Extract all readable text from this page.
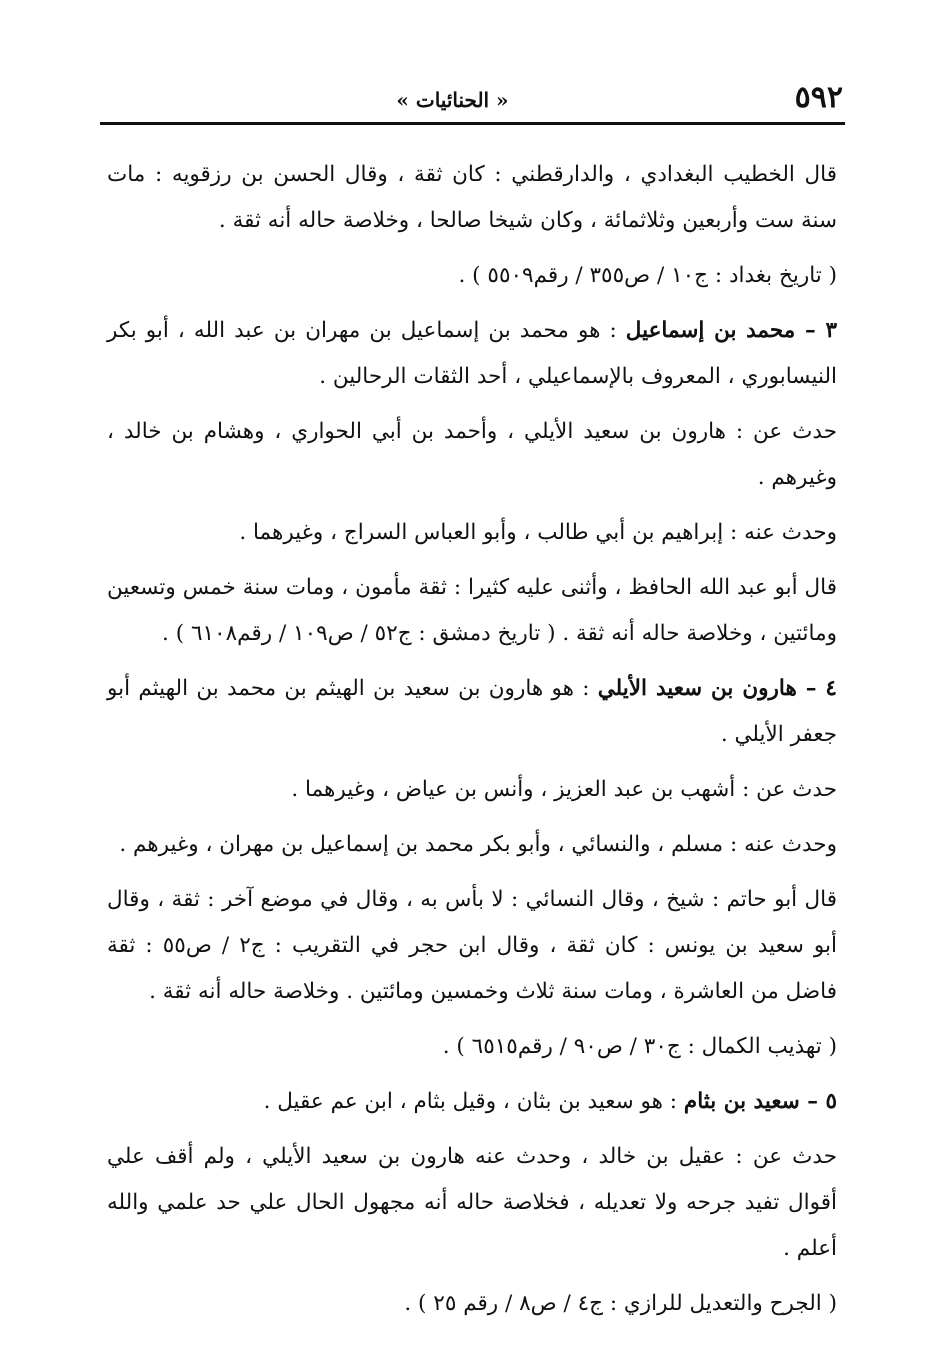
٥٩٢
« الحنائيات »

قال الخطيب البغدادي ، والدارقطني : كان ثقة ، وقال الحسن بن رزقويه : مات سنة ست وأربعين وثلاثمائة ، وكان شيخا صالحا ، وخلاصة حاله أنه ثقة .

( تاريخ بغداد : ج١٠ / ص٣٥٥ / رقم٥٥٠٩ ) .

٣ – محمد بن إسماعيل : هو محمد بن إسماعيل بن مهران بن عبد الله ، أبو بكر النيسابوري ، المعروف بالإسماعيلي ، أحد الثقات الرحالين .

حدث عن : هارون بن سعيد الأيلي ، وأحمد بن أبي الحواري ، وهشام بن خالد ، وغيرهم .

وحدث عنه : إبراهيم بن أبي طالب ، وأبو العباس السراج ، وغيرهما .

قال أبو عبد الله الحافظ ، وأثنى عليه كثيرا : ثقة مأمون ، ومات سنة خمس وتسعين ومائتين ، وخلاصة حاله أنه ثقة . ( تاريخ دمشق : ج٥٢ / ص١٠٩ / رقم٦١٠٨ ) .

٤ – هارون بن سعيد الأيلي : هو هارون بن سعيد بن الهيثم بن محمد بن الهيثم أبو جعفر الأيلي .

حدث عن : أشهب بن عبد العزيز ، وأنس بن عياض ، وغيرهما .

وحدث عنه : مسلم ، والنسائي ، وأبو بكر محمد بن إسماعيل بن مهران ، وغيرهم .

قال أبو حاتم : شيخ ، وقال النسائي : لا بأس به ، وقال في موضع آخر : ثقة ، وقال أبو سعيد بن يونس : كان ثقة ، وقال ابن حجر في التقريب : ج٢ / ص٥٥ : ثقة فاضل من العاشرة ، ومات سنة ثلاث وخمسين ومائتين . وخلاصة حاله أنه ثقة .

( تهذيب الكمال : ج٣٠ / ص٩٠ / رقم٦٥١٥ ) .

٥ – سعيد بن بثام : هو سعيد بن بثان ، وقيل بثام ، ابن عم عقيل .

حدث عن : عقيل بن خالد ، وحدث عنه هارون بن سعيد الأيلي ، ولم أقف علي أقوال تفيد جرحه ولا تعديله ، فخلاصة حاله أنه مجهول الحال علي حد علمي والله أعلم .

( الجرح والتعديل للرازي : ج٤ / ص٨ / رقم ٢٥ ) .
